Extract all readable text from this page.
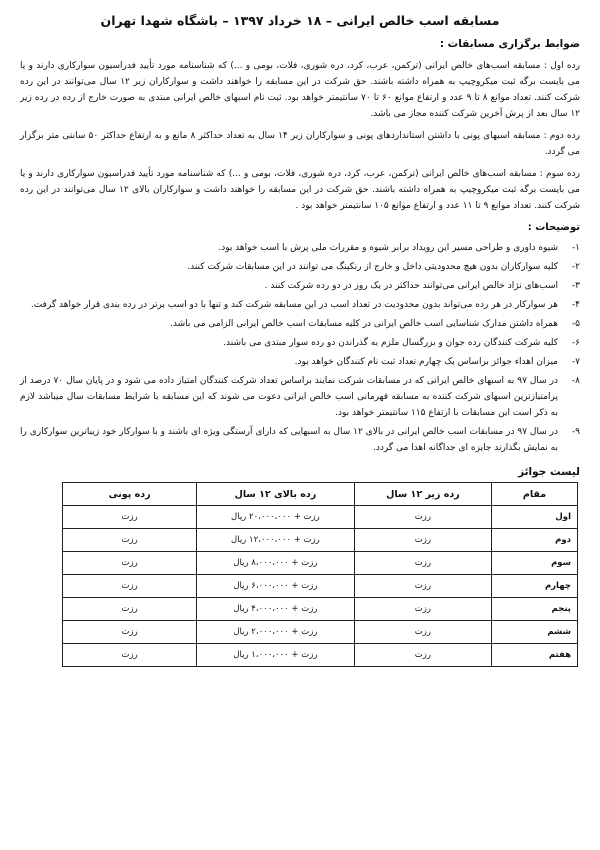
مسابقه اسب خالص ایرانی – ۱۸ خرداد ۱۳۹۷ – باشگاه شهدا تهران
ضوابط برگزاری مسابقات :

رده اول : مسابقه اسب‌های خالص ایرانی (ترکمن، عرب، کرد، دره شوری، فلات، بومی و ...) که شناسنامه مورد تأیید فدراسیون سوارکاری دارند و یا می بایست برگه ثبت میکروچیپ به همراه داشته باشند. حق شرکت در این مسابقه را خواهند داشت و سوارکاران زیر ۱۲ سال می‌توانند در این رده شرکت کنند. تعداد موانع ۸ تا ۹ عدد و ارتفاع موانع ۶۰ تا ۷۰ سانتیمتر خواهد بود. ثبت نام اسبهای خالص ایرانی مبتدی به صورت خارج از رده در رده زیر ۱۲ سال بعد از پرش آخرین شرکت کننده مجاز می باشد.

رده دوم : مسابقه اسبهای پونی با داشتن استانداردهای پونی و سوارکاران زیر ۱۴ سال به تعداد حداکثر ۸ مانع و به ارتفاع حداکثر ۵۰ سانتی متر برگزار می گردد.

رده سوم : مسابقه اسب‌های خالص ایرانی (ترکمن، عرب، کرد، دره شوری، فلات، بومی و ...) که شناسنامه مورد تأیید فدراسیون سوارکاری دارند و یا می بایست برگه ثبت میکروچیپ به همراه داشته باشند. حق شرکت در این مسابقه را خواهند داشت و سوارکاران بالای ۱۲ سال می‌توانند در این رده شرکت کنند. تعداد موانع ۹ تا ۱۱ عدد و ارتفاع موانع ۱۰۵ سانتیمتر خواهد بود .

توضیحات :
۱-
شیوه داوری و طراحی مسیر این رویداد برابر شیوه و مقررات ملی پرش با اسب خواهد بود.
۲-
کلیه سوارکاران بدون هیچ محدودیتی داخل و خارج از رنکینگ می توانند در این مسابقات شرکت کنند.
۳-
اسب‌های نژاد خالص ایرانی می‌توانند حداکثر در یک روز در دو رده شرکت کنند .
۴-
هر سوارکار در هر رده می‌تواند بدون محدودیت در تعداد اسب در این مسابقه شرکت کند و تنها با دو اسب برتر در رده بندی قرار خواهد گرفت.
۵-
همراه داشتن مدارک شناسایی اسب خالص ایرانی در کلیه مسابقات اسب خالص ایرانی الزامی می باشد.
۶-
کلیه شرکت کنندگان رده جوان و بزرگسال ملزم به گذراندن دو رده سوار مبتدی می باشند.
۷-
میزان اهداء جوائز براساس یک چهارم تعداد ثبت نام کنندگان خواهد بود.
۸-
در سال ۹۷ به اسبهای خالص ایرانی که در مسابقات شرکت نمایند براساس تعداد شرکت کنندگان امتیاز داده می شود و در پایان سال ۷۰ درصد از پرامتیازترین اسبهای شرکت کننده به مسابقه قهرمانی اسب خالص ایرانی دعوت می شوند که این مسابقه با شرایط مسابقات سال میباشد لازم به ذکر است این مسابقات با ارتفاع ۱۱۵ سانتیمتر خواهد بود.
۹-
در سال ۹۷ در مسابقات اسب خالص ایرانی در بالای ۱۲ سال به اسبهایی که دارای آرستگی ویژه ای باشند و با سوارکار خود زیباترین سوارکاری را به نمایش بگذارند جایزه ای جداگانه اهدا می گردد.
لیست جوائز
مقام	رده زیر ۱۲ سال	رده بالای ۱۲ سال	رده پونی
اول	رزت	رزت + ۲۰،۰۰۰،۰۰۰ ریال	رزت
دوم	رزت	رزت + ۱۲،۰۰۰،۰۰۰ ریال	رزت
سوم	رزت	رزت + ۸،۰۰۰،۰۰۰ ریال	رزت
چهارم	رزت	رزت + ۶،۰۰۰،۰۰۰ ریال	رزت
پنجم	رزت	رزت + ۴،۰۰۰،۰۰۰ ریال	رزت
ششم	رزت	رزت + ۲،۰۰۰،۰۰۰ ریال	رزت
هفتم	رزت	رزت + ۱،۰۰۰،۰۰۰ ریال	رزت
